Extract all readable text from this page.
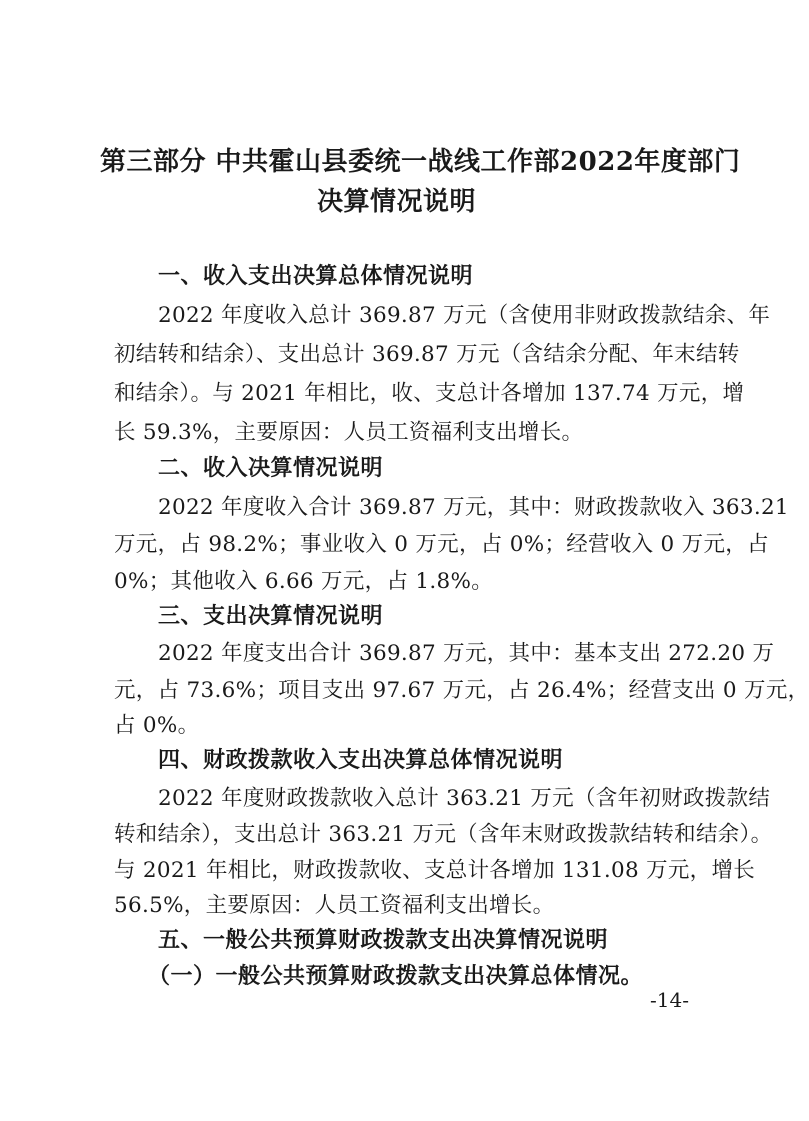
第三部分 中共霍山县委统一战线工作部2022年度部门
决算情况说明
一、收入支出决算总体情况说明
2022 年度收入总计 369.87 万元（含使用非财政拨款结余、年
初结转和结余）、支出总计 369.87 万元（含结余分配、年末结转
和结余）。与 2021 年相比，收、支总计各增加 137.74 万元，增
长 59.3%，主要原因：人员工资福利支出增长。
二、收入决算情况说明
2022 年度收入合计 369.87 万元，其中：财政拨款收入 363.21
万元，占 98.2%；事业收入 0 万元，占 0%；经营收入 0 万元，占
0%；其他收入 6.66 万元，占 1.8%。
三、支出决算情况说明
2022 年度支出合计 369.87 万元，其中：基本支出 272.20 万
元，占 73.6%；项目支出 97.67 万元，占 26.4%；经营支出 0 万元，
占 0%。
四、财政拨款收入支出决算总体情况说明
2022 年度财政拨款收入总计 363.21 万元（含年初财政拨款结
转和结余），支出总计 363.21 万元（含年末财政拨款结转和结余）。
与 2021 年相比，财政拨款收、支总计各增加 131.08 万元，增长
56.5%，主要原因：人员工资福利支出增长。
五、一般公共预算财政拨款支出决算情况说明
（一）一般公共预算财政拨款支出决算总体情况。
-14-
